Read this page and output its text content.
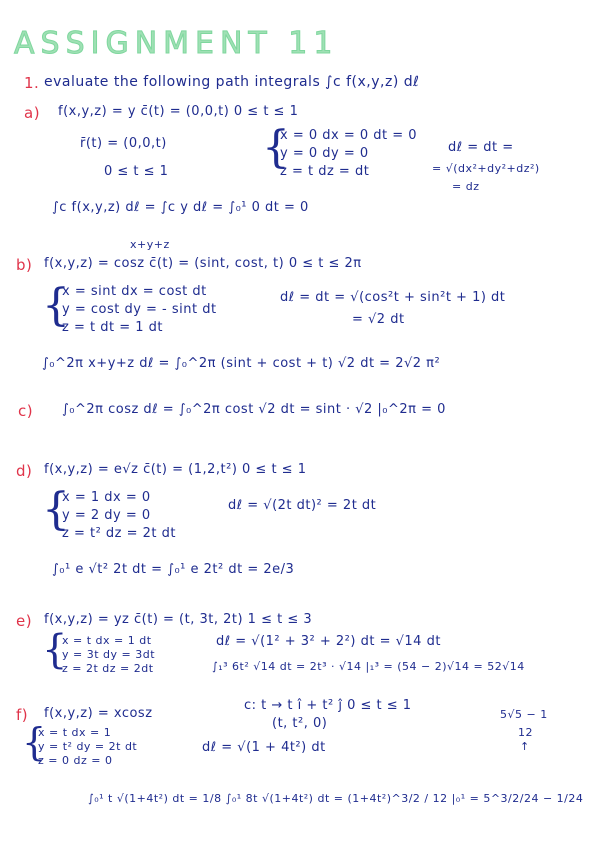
ASSIGNMENT 11
1. evaluate the following path integrals ∫c f(x,y,z) dℓ
a) f(x,y,z) = y c̄(t) = (0,0,t) 0 ≤ t ≤ 1
r̄(t) = (0,0,t)
0 ≤ t ≤ 1 {
x = 0 dx = 0 dt = 0
y = 0 dy = 0
z = t dz = dt
dℓ = dt =
= √(dx²+dy²+dz²)
= dz
∫c f(x,y,z) dℓ = ∫c y dℓ = ∫₀¹ 0 dt = 0
x+y+z
b) f(x,y,z) = cosz c̄(t) = (sint, cost, t) 0 ≤ t ≤ 2π
{
x = sint dx = cost dt
y = cost dy = - sint dt
z = t dt = 1 dt
dℓ = dt = √(cos²t + sin²t + 1) dt
= √2 dt
∫₀^2π x+y+z dℓ = ∫₀^2π (sint + cost + t) √2 dt = 2√2 π²
c) ∫₀^2π cosz dℓ = ∫₀^2π cost √2 dt = sint · √2 |₀^2π = 0
d) f(x,y,z) = e√z c̄(t) = (1,2,t²) 0 ≤ t ≤ 1
{
x = 1 dx = 0
y = 2 dy = 0
z = t² dz = 2t dt
dℓ = √(2t dt)² = 2t dt
∫₀¹ e √t² 2t dt = ∫₀¹ e 2t² dt = 2e/3
e) f(x,y,z) = yz c̄(t) = (t, 3t, 2t) 1 ≤ t ≤ 3
{
x = t dx = 1 dt
y = 3t dy = 3dt
z = 2t dz = 2dt
dℓ = √(1² + 3² + 2²) dt = √14 dt
∫₁³ 6t² √14 dt = 2t³ · √14 |₁³ = (54 − 2)√14 = 52√14
f) f(x,y,z) = xcosz
c: t → t î + t² ĵ 0 ≤ t ≤ 1
(t, t², 0)
5√5 − 1
12
↑
{
x = t dx = 1
y = t² dy = 2t dt
z = 0 dz = 0
dℓ = √(1 + 4t²) dt
∫₀¹ t √(1+4t²) dt = 1/8 ∫₀¹ 8t √(1+4t²) dt = (1+4t²)^3/2 / 12 |₀¹ = 5^3/2/24 − 1/24
